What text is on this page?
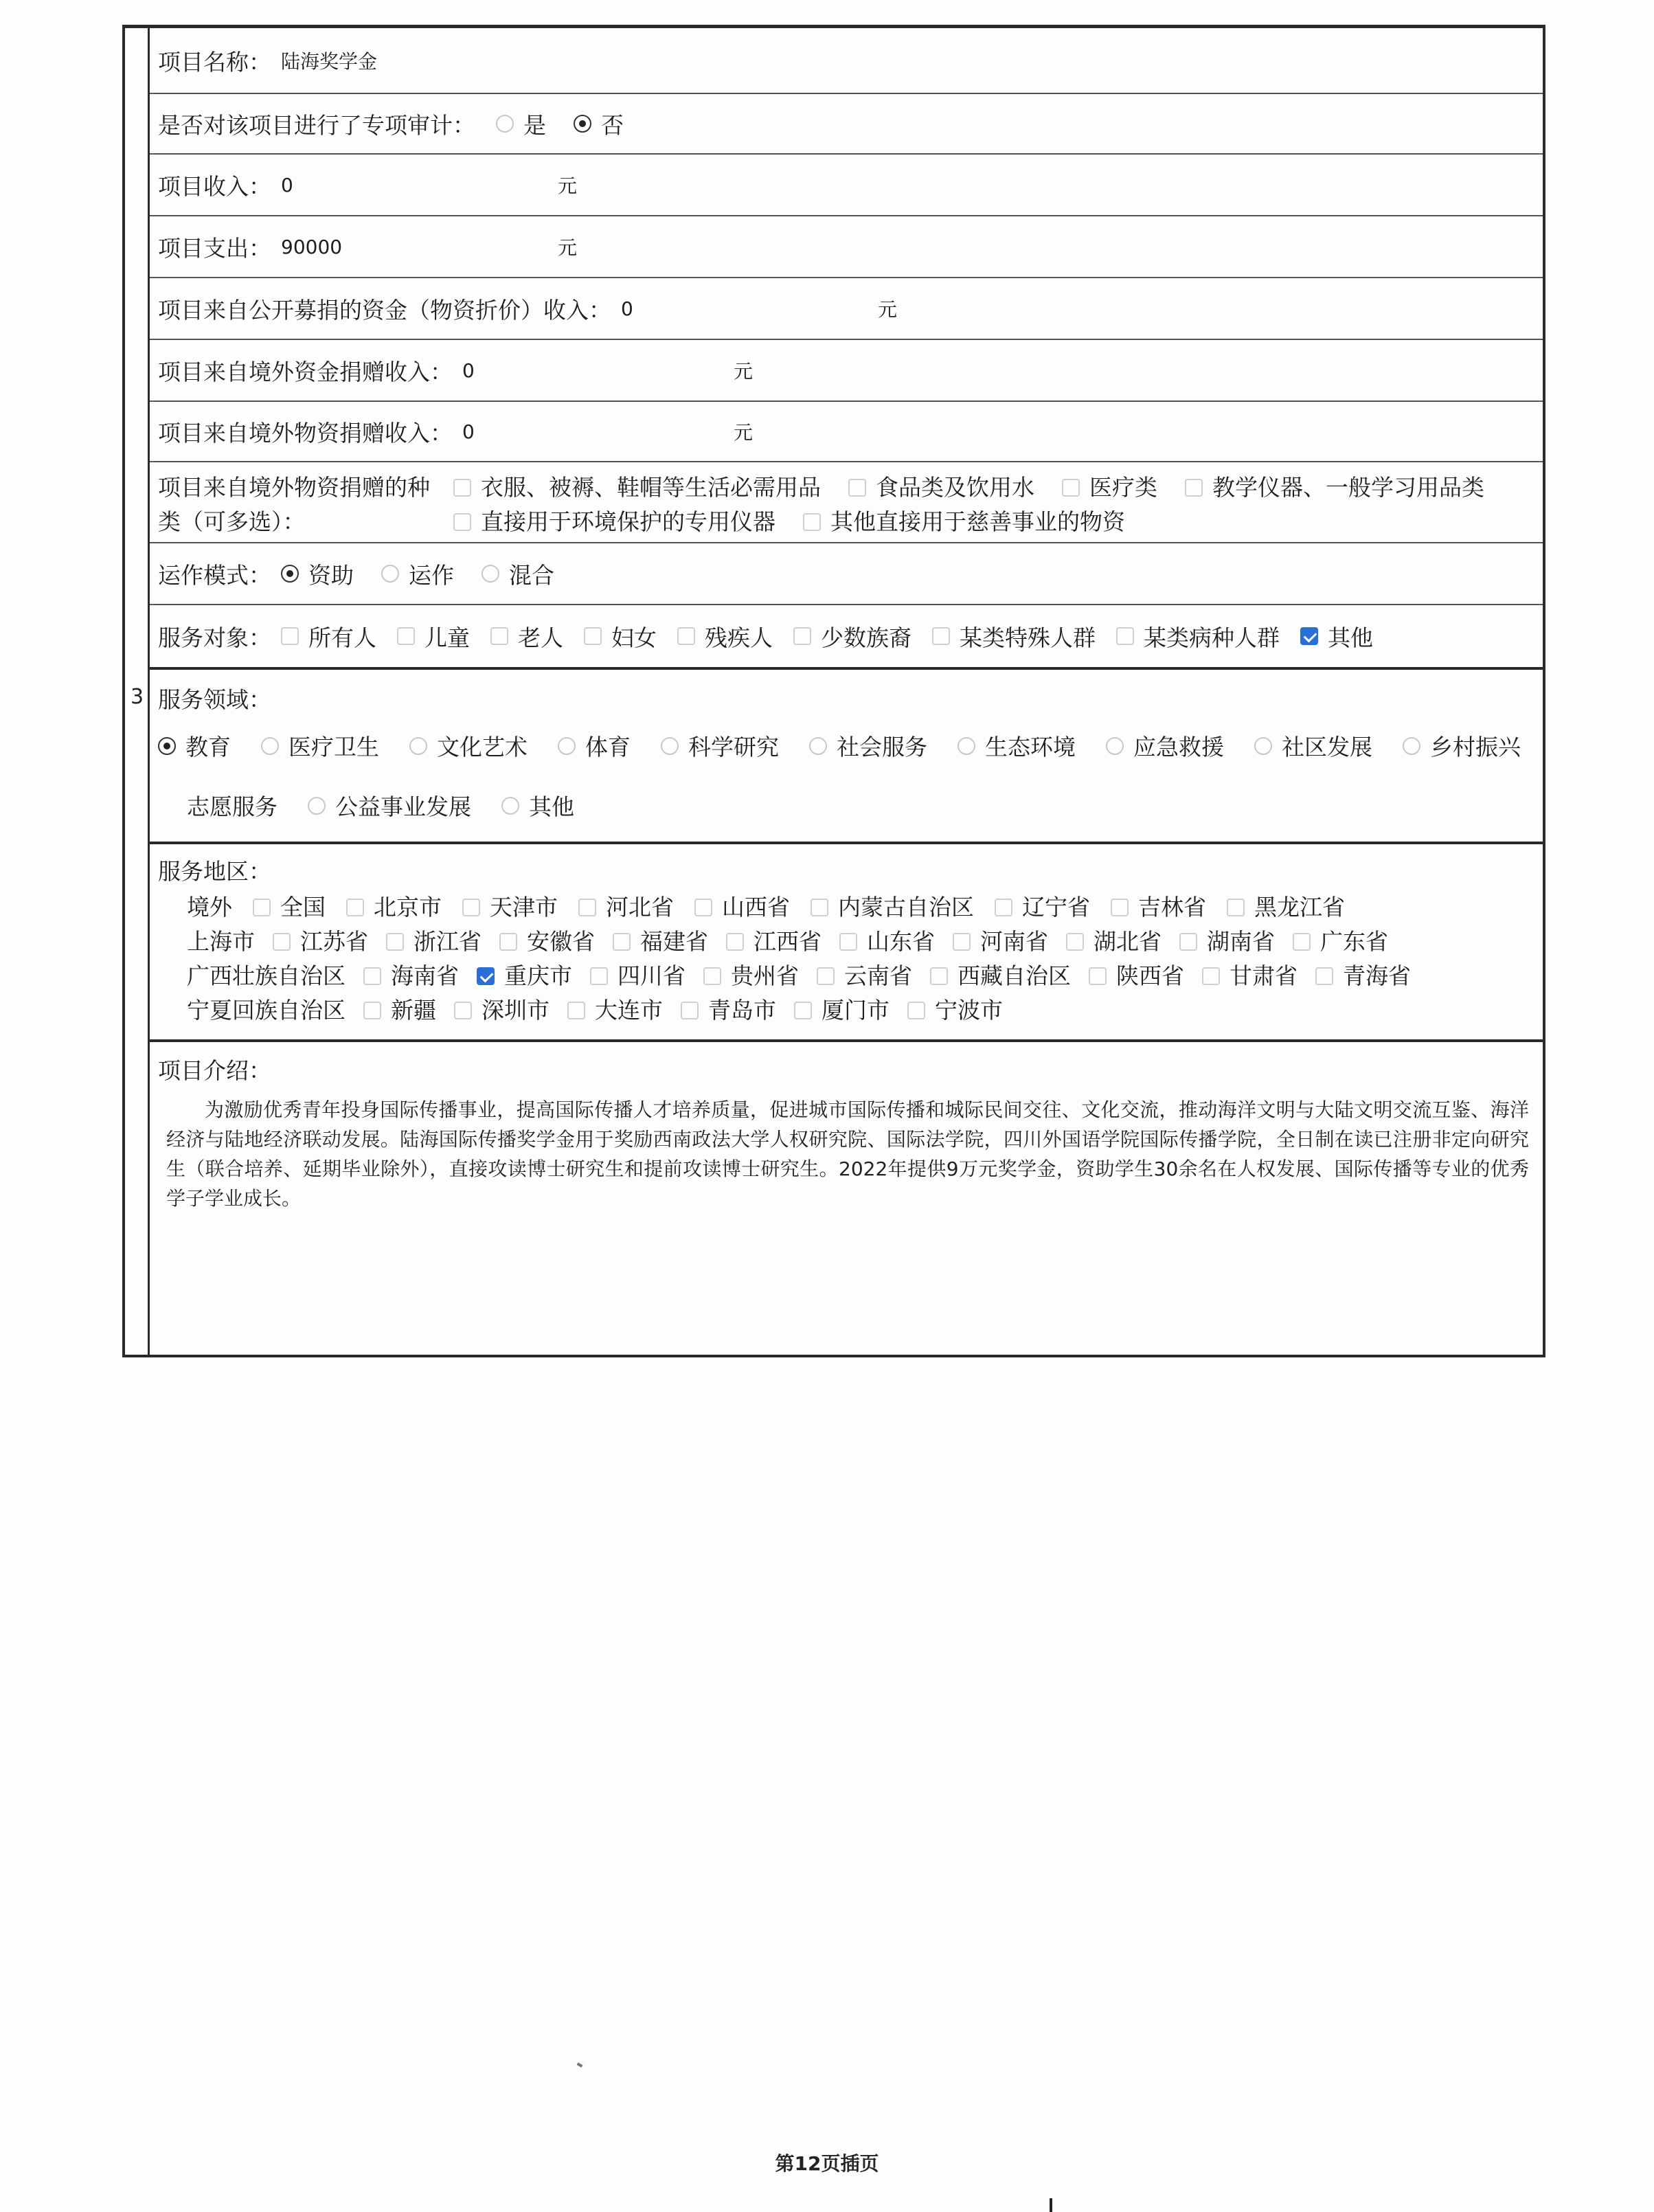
3
项目名称： 陆海奖学金
是否对该项目进行了专项审计： 是 否
项目收入： 0	元
项目支出： 90000	元
项目来自公开募捐的资金（物资折价）收入： 0	元
项目来自境外资金捐赠收入： 0	元
项目来自境外物资捐赠收入： 0	元
项目来自境外物资捐赠的种
类（可多选）：
衣服、被褥、鞋帽等生活必需用品 食品类及饮用水 医疗类 教学仪器、一般学习用品类
直接用于环境保护的专用仪器 其他直接用于慈善事业的物资
运作模式： 资助 运作 混合
服务对象： 所有人 儿童 老人 妇女 残疾人 少数族裔 某类特殊人群 某类病种人群 其他
服务领域：
教育	医疗卫生	文化艺术	体育	科学研究	社会服务	生态环境	应急救援	社区发展	乡村振兴
志愿服务	公益事业发展	其他
服务地区：
境外 全国 北京市 天津市 河北省 山西省 内蒙古自治区 辽宁省 吉林省 黑龙江省
上海市 江苏省 浙江省 安徽省 福建省 江西省 山东省 河南省 湖北省 湖南省 广东省
广西壮族自治区 海南省 重庆市 四川省 贵州省 云南省 西藏自治区 陕西省 甘肃省 青海省
宁夏回族自治区 新疆 深圳市 大连市 青岛市 厦门市 宁波市
项目介绍：

为激励优秀青年投身国际传播事业，提高国际传播人才培养质量，促进城市国际传播和城际民间交往、文化交流，推动海洋文明与大陆文明交流互鉴、海洋经济与陆地经济联动发展。陆海国际传播奖学金用于奖励西南政法大学人权研究院、国际法学院，四川外国语学院国际传播学院，全日制在读已注册非定向研究生（联合培养、延期毕业除外），直接攻读博士研究生和提前攻读博士研究生。2022年提供9万元奖学金，资助学生30余名在人权发展、国际传播等专业的优秀学子学业成长。

第12页插页
